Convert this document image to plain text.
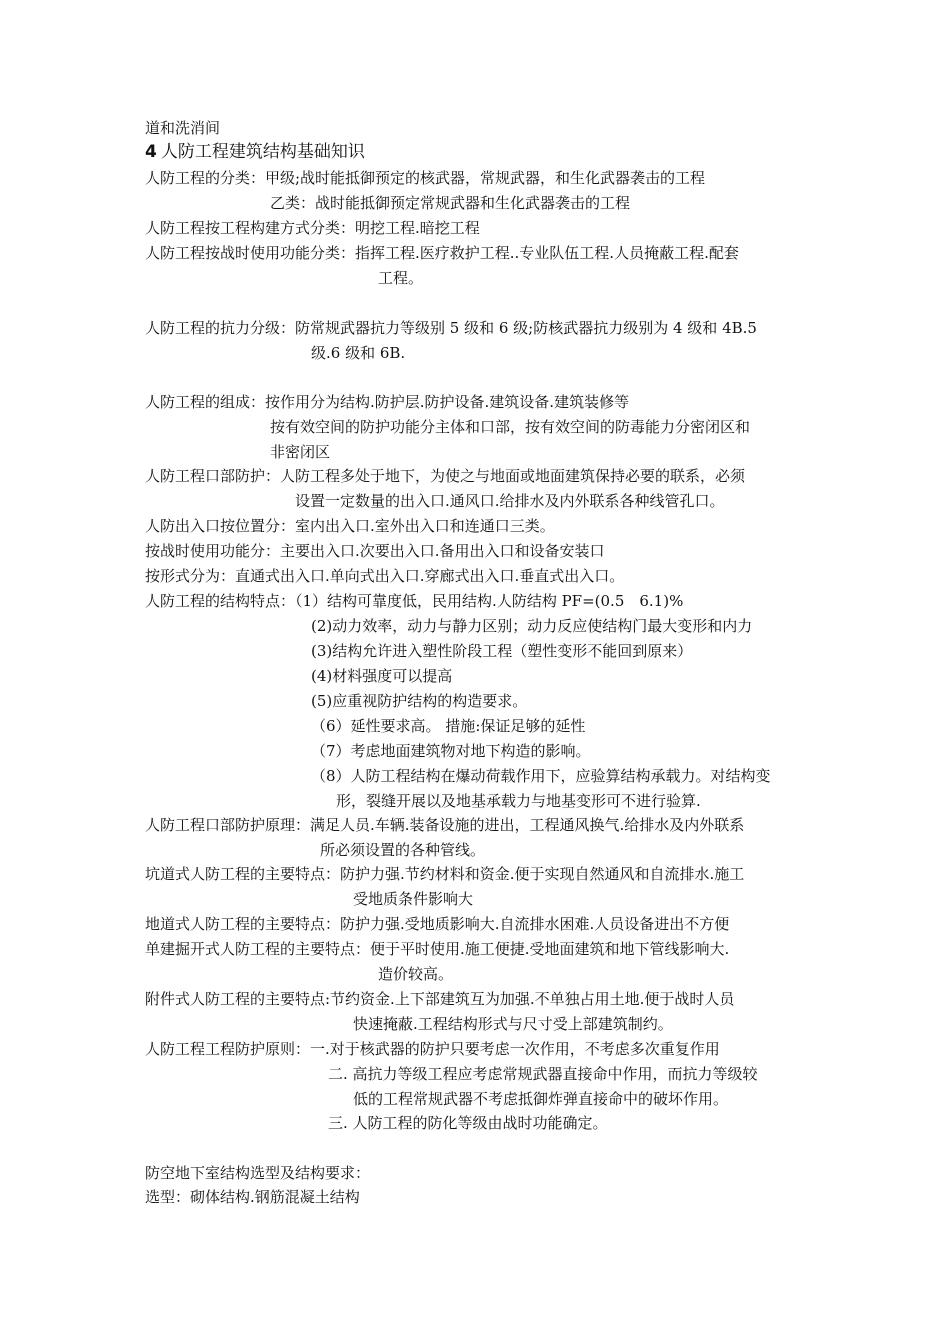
道和洗消间
4 人防工程建筑结构基础知识
人防工程的分类：甲级;战时能抵御预定的核武器，常规武器，和生化武器袭击的工程
乙类：战时能抵御预定常规武器和生化武器袭击的工程
人防工程按工程构建方式分类：明挖工程.暗挖工程
人防工程按战时使用功能分类：指挥工程.医疗救护工程..专业队伍工程.人员掩蔽工程.配套
工程。
人防工程的抗力分级：防常规武器抗力等级别 5 级和 6 级;防核武器抗力级别为 4 级和 4B.5
级.6 级和 6B.
人防工程的组成：按作用分为结构.防护层.防护设备.建筑设备.建筑装修等
按有效空间的防护功能分主体和口部，按有效空间的防毒能力分密闭区和
非密闭区
人防工程口部防护：人防工程多处于地下，为使之与地面或地面建筑保持必要的联系，必须
设置一定数量的出入口.通风口.给排水及内外联系各种线管孔口。
人防出入口按位置分：室内出入口.室外出入口和连通口三类。
按战时使用功能分：主要出入口.次要出入口.备用出入口和设备安装口
按形式分为：直通式出入口.单向式出入口.穿廊式出入口.垂直式出入口。
人防工程的结构特点：（1）结构可靠度低，民用结构.人防结构 PF=(0.5　6.1)%
(2)动力效率，动力与静力区别；动力反应使结构门最大变形和内力
(3)结构允许进入塑性阶段工程（塑性变形不能回到原来）
(4)材料强度可以提高
(5)应重视防护结构的构造要求。
（6）延性要求高。 措施:保证足够的延性
（7）考虑地面建筑物对地下构造的影响。
（8）人防工程结构在爆动荷载作用下，应验算结构承载力。对结构变
形，裂缝开展以及地基承载力与地基变形可不进行验算.
人防工程口部防护原理：满足人员.车辆.装备设施的进出，工程通风换气.给排水及内外联系
所必须设置的各种管线。
坑道式人防工程的主要特点：防护力强.节约材料和资金.便于实现自然通风和自流排水.施工
受地质条件影响大
地道式人防工程的主要特点：防护力强.受地质影响大.自流排水困难.人员设备进出不方便
单建掘开式人防工程的主要特点：便于平时使用.施工便捷.受地面建筑和地下管线影响大.
造价较高。
附件式人防工程的主要特点:节约资金.上下部建筑互为加强.不单独占用土地.便于战时人员
快速掩蔽.工程结构形式与尺寸受上部建筑制约。
人防工程工程防护原则：一.对于核武器的防护只要考虑一次作用，不考虑多次重复作用
二. 高抗力等级工程应考虑常规武器直接命中作用，而抗力等级较
低的工程常规武器不考虑抵御炸弹直接命中的破坏作用。
三. 人防工程的防化等级由战时功能确定。
防空地下室结构选型及结构要求：
选型：砌体结构.钢筋混凝土结构
